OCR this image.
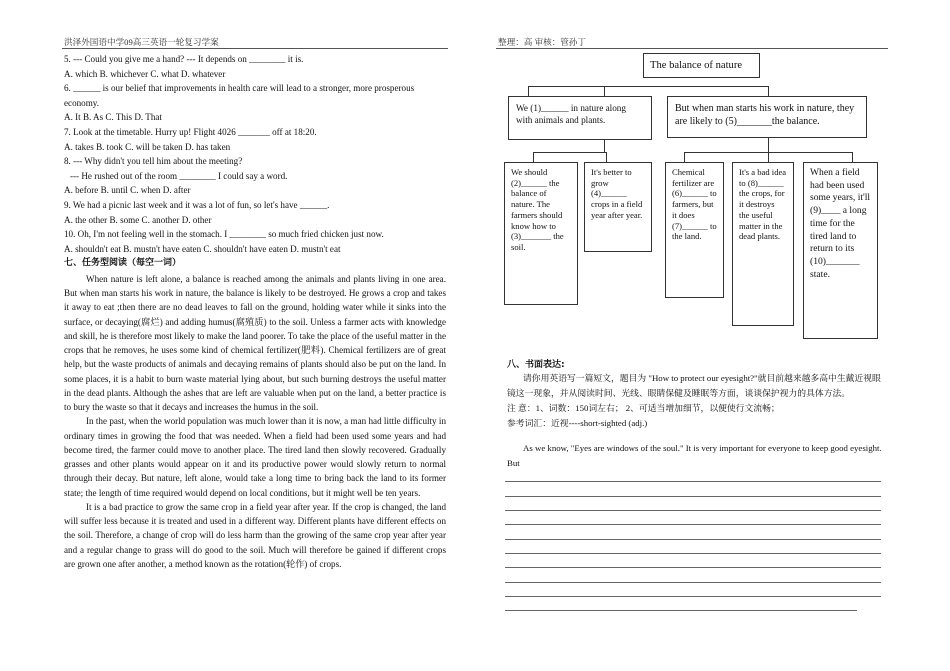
洪泽外国语中学09高三英语一轮复习学案	整理：高 审核：管孙丁

5. --- Could you give me a hand? --- It depends on ________ it is.

A. which B. whichever C. what D. whatever

6. ______ is our belief that improvements in health care will lead to a stronger, more prosperous economy.

A. It B. As C. This D. That

7. Look at the timetable. Hurry up! Flight 4026 _______ off at 18:20.

A. takes B. took C. will be taken D. has taken

8. --- Why didn't you tell him about the meeting?

--- He rushed out of the room ________ I could say a word.

A. before B. until C. when D. after

9. We had a picnic last week and it was a lot of fun, so let's have ______.

A. the other B. some C. another D. other

10. Oh, I'm not feeling well in the stomach. I ________ so much fried chicken just now.

A. shouldn't eat B. mustn't have eaten C. shouldn't have eaten D. mustn't eat

七、任务型阅读（每空一词）

When nature is left alone, a balance is reached among the animals and plants living in one area. But when man starts his work in nature, the balance is likely to be destroyed. He grows a crop and takes it away to eat ;then there are no dead leaves to fall on the ground, holding water while it sinks into the surface, or decaying(腐烂) and adding humus(腐殖质) to the soil. Unless a farmer acts with knowledge and skill, he is therefore most likely to make the land poorer. To take the place of the useful matter in the crops that he removes, he uses some kind of chemical fertilizer(肥料). Chemical fertilizers are of great help, but the waste products of animals and decaying remains of plants should also be put on the land. In some places, it is a habit to burn waste material lying about, but such burning destroys the useful matter in the dead plants. Although the ashes that are left are valuable when put on the land, a better practice is to bury the waste so that it decays and increases the humus in the soil.

In the past, when the world population was much lower than it is now, a man had little difficulty in ordinary times in growing the food that was needed. When a field had been used some years and had become tired, the farmer could move to another place. The tired land then slowly recovered. Gradually grasses and other plants would appear on it and its productive power would slowly return to normal through their decay. But nature, left alone, would take a long time to bring back the land to its former state; the length of time required would depend on local conditions, but it might well be ten years.

It is a bad practice to grow the same crop in a field year after year. If the crop is changed, the land will suffer less because it is treated and used in a different way. Different plants have different effects on the soil. Therefore, a change of crop will do less harm than the growing of the same crop year after year and a regular change to grass will do good to the soil. Much will therefore be gained if different crops are grown one after another, a method known as the rotation(轮作) of crops.

The balance of nature
We (1)______ in nature along with animals and plants.
But when man starts his work in nature, they are likely to (5)_______the balance.
We should (2)______ the balance of nature. The farmers should know how to (3)_______ the soil.
It's better to grow (4)______ crops in a field year after year.
Chemical fertilizer are (6)______ to farmers, but it does (7)______ to the land.
It's a bad idea to (8)______ the crops, for it destroys the useful matter in the dead plants.
When a field had been used some years, it'll (9)____ a long time for the tired land to return to its (10)_______ state.
八、书面表达:

请你用英语写一篇短文，题目为 "How to protect our eyesight?"就目前越来越多高中生戴近视眼镜这一现象，并从阅读时间、光线、眼睛保健及睡眠等方面，谈谈保护视力的具体方法。

注 意：1、词数：150词左右； 2、可适当增加细节，以便使行文流畅；

参考词汇：近视----short-sighted (adj.)

As we know, "Eyes are windows of the soul." It is very important for everyone to keep good eyesight. But
